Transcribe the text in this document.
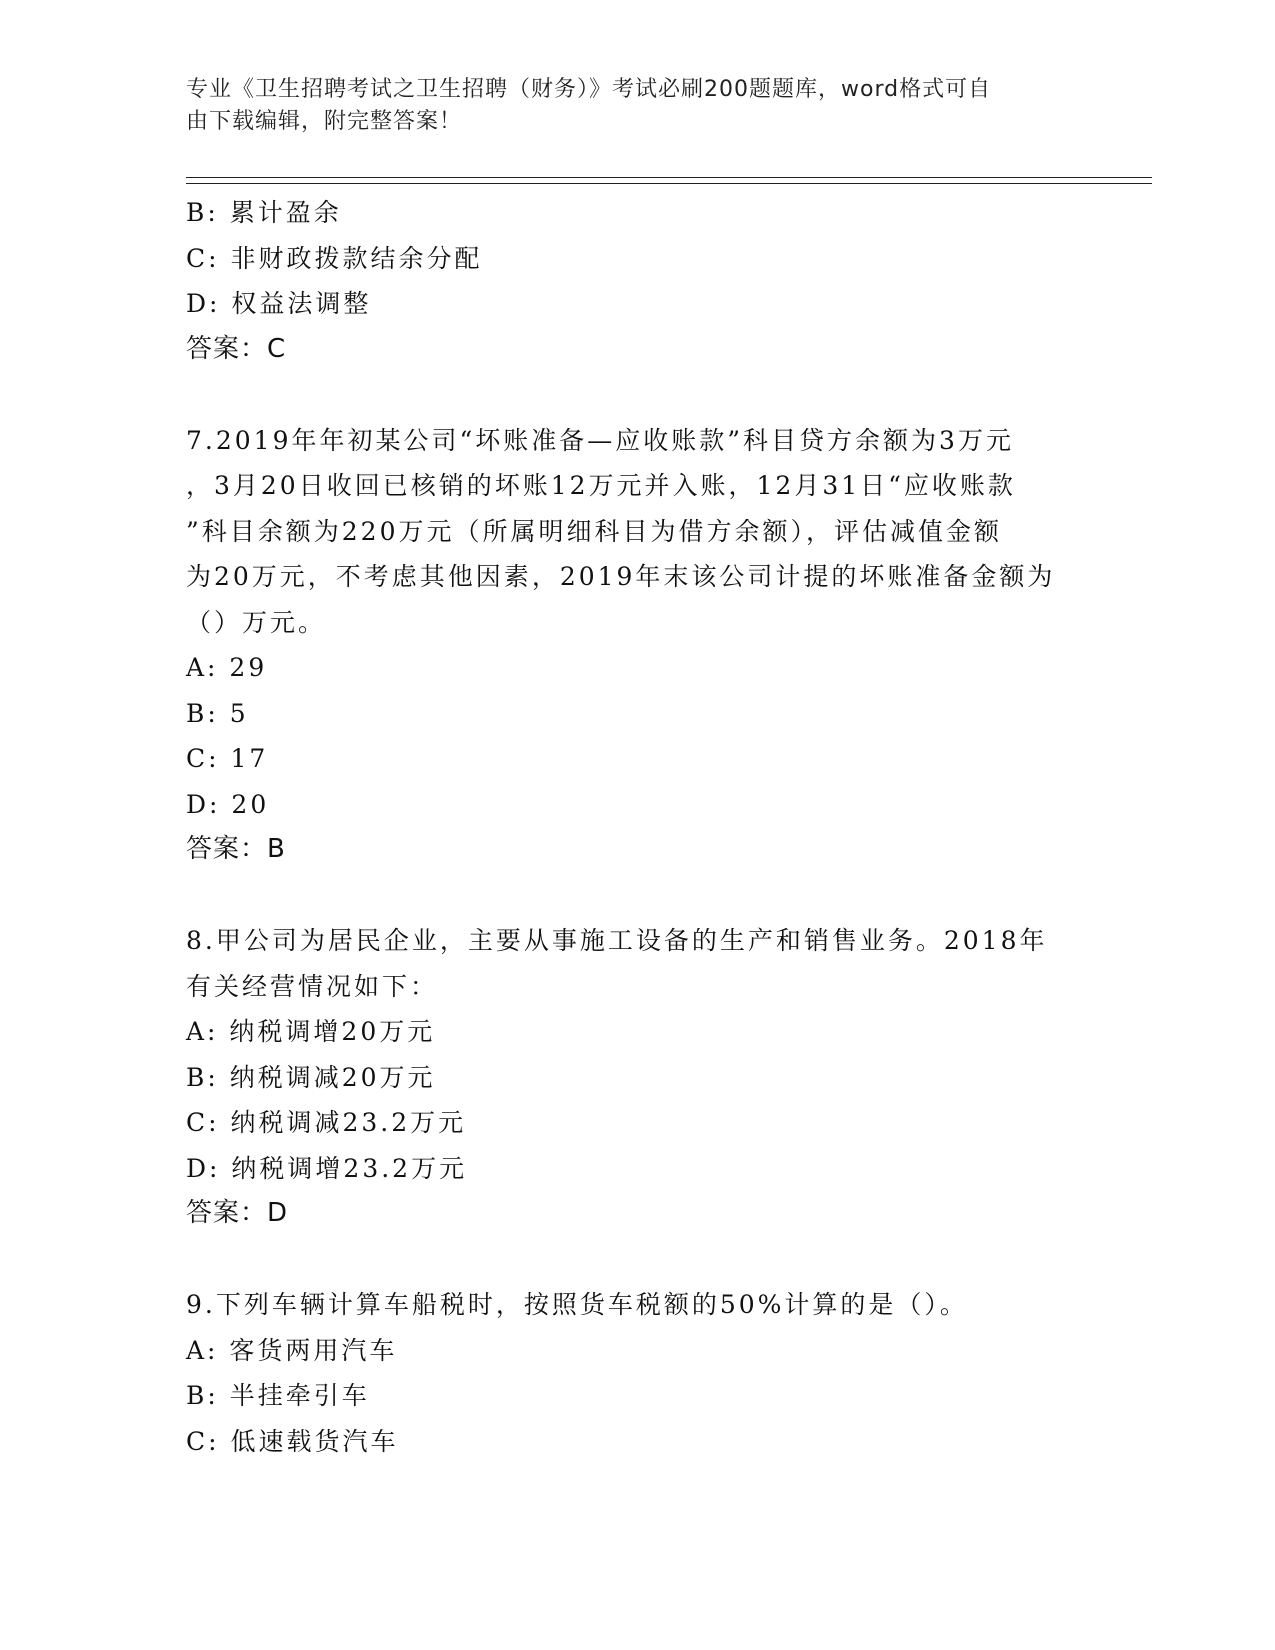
专业《卫生招聘考试之卫生招聘（财务）》考试必刷200题题库，word格式可自
由下载编辑，附完整答案！
B: 累计盈余
C: 非财政拨款结余分配
D: 权益法调整
答案：C
7.2019年年初某公司“坏账准备—应收账款”科目贷方余额为3万元
，3月20日收回已核销的坏账12万元并入账，12月31日“应收账款
”科目余额为220万元（所属明细科目为借方余额），评估减值金额
为20万元，不考虑其他因素，2019年末该公司计提的坏账准备金额为
（）万元。
A: 29
B: 5
C: 17
D: 20
答案：B
8.甲公司为居民企业，主要从事施工设备的生产和销售业务。2018年
有关经营情况如下：
A: 纳税调增20万元
B: 纳税调减20万元
C: 纳税调减23.2万元
D: 纳税调增23.2万元
答案：D
9.下列车辆计算车船税时，按照货车税额的50%计算的是（）。
A: 客货两用汽车
B: 半挂牵引车
C: 低速载货汽车
